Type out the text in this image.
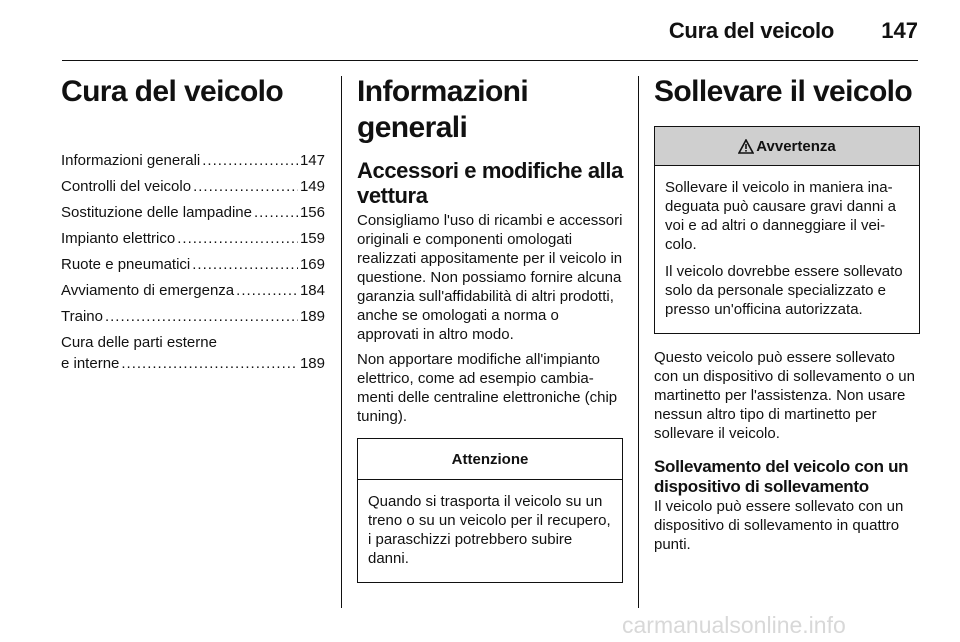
Cura del veicolo 147
Cura del veicolo
Informazioni generali .....	147
Controlli del veicolo .....	149
Sostituzione delle lampadine .....	156
Impianto elettrico .....	159
Ruote e pneumatici .....	169
Avviamento di emergenza .....	184
Traino .....	189
Cura delle parti esterne
e interne .....	189
Informazioni generali
Accessori e modifiche alla vettura

Consigliamo l'uso di ricambi e accessori originali e componenti omologati realizzati appositamente per il veicolo in questione. Non possiamo fornire alcuna garanzia sull'affidabilità di altri prodotti, anche se omologati a norma o approvati in altro modo.

Non apportare modifiche all'impianto elettrico, come ad esempio cambiamenti delle centraline elettroniche (chip tuning).

Attenzione

Quando si trasporta il veicolo su un treno o su un veicolo per il recupero, i paraschizzi potrebbero subire danni.

Sollevare il veicolo
Avvertenza

Sollevare il veicolo in maniera inadeguata può causare gravi danni a voi e ad altri o danneggiare il veicolo.

Il veicolo dovrebbe essere sollevato solo da personale specializzato e presso un'officina autorizzata.

Questo veicolo può essere sollevato con un dispositivo di sollevamento o un martinetto per l'assistenza. Non usare nessun altro tipo di martinetto per sollevare il veicolo.

Sollevamento del veicolo con un dispositivo di sollevamento

Il veicolo può essere sollevato con un dispositivo di sollevamento in quattro punti.

carmanualsonline.info
